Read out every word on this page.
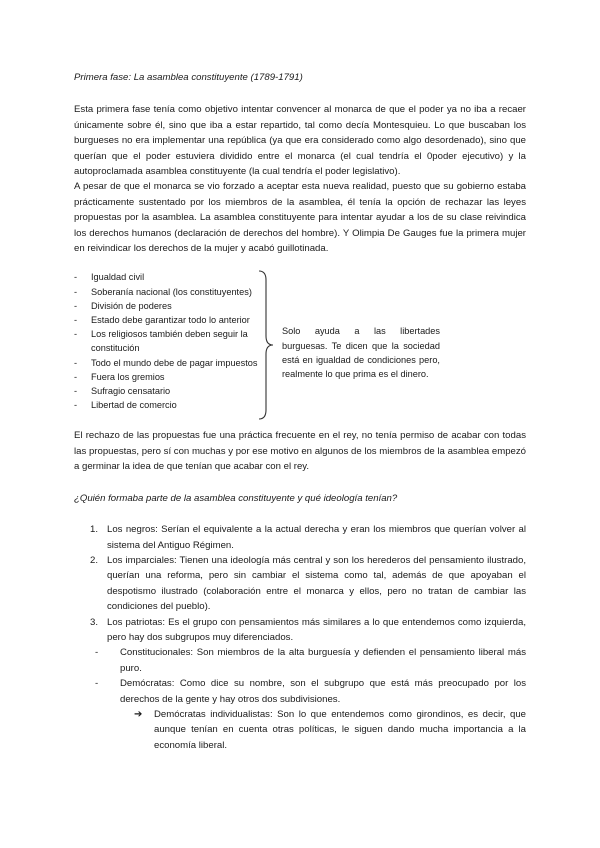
Primera fase: La asamblea constituyente (1789-1791)

Esta primera fase tenía como objetivo intentar convencer al monarca de que el poder ya no iba a recaer únicamente sobre él, sino que iba a estar repartido, tal como decía Montesquieu. Lo que buscaban los burgueses no era implementar una república (ya que era considerado como algo desordenado), sino que querían que el poder estuviera dividido entre el monarca (el cual tendría el 0poder ejecutivo) y la autoproclamada asamblea constituyente (la cual tendría el poder legislativo).

A pesar de que el monarca se vio forzado a aceptar esta nueva realidad, puesto que su gobierno estaba prácticamente sustentado por los miembros de la asamblea, él tenía la opción de rechazar las leyes propuestas por la asamblea. La asamblea constituyente para intentar ayudar a los de su clase reivindica los derechos humanos (declaración de derechos del hombre). Y Olimpia De Gauges fue la primera mujer en reivindicar los derechos de la mujer y acabó guillotinada.

- Igualdad civil
- Soberanía nacional (los constituyentes)
- División de poderes
- Estado debe garantizar todo lo anterior
- Los religiosos también deben seguir la constitución
- Todo el mundo debe de pagar impuestos
- Fuera los gremios
- Sufragio censatario
- Libertad de comercio
Solo ayuda a las libertades burguesas. Te dicen que la sociedad está en igualdad de condiciones pero, realmente lo que prima es el dinero.

El rechazo de las propuestas fue una práctica frecuente en el rey, no tenía permiso de acabar con todas las propuestas, pero sí con muchas y por ese motivo en algunos de los miembros de la asamblea empezó a germinar la idea de que tenían que acabar con el rey.

¿Quién formaba parte de la asamblea constituyente y qué ideología tenían?

1. Los negros: Serían el equivalente a la actual derecha y eran los miembros que querían volver al sistema del Antiguo Régimen.
2. Los imparciales: Tienen una ideología más central y son los herederos del pensamiento ilustrado, querían una reforma, pero sin cambiar el sistema como tal, además de que apoyaban el despotismo ilustrado (colaboración entre el monarca y ellos, pero no tratan de cambiar las condiciones del pueblo).
3. Los patriotas: Es el grupo con pensamientos más similares a lo que entendemos como izquierda, pero hay dos subgrupos muy diferenciados.
- Constitucionales: Son miembros de la alta burguesía y defienden el pensamiento liberal más puro.
- Demócratas: Como dice su nombre, son el subgrupo que está más preocupado por los derechos de la gente y hay otros dos subdivisiones.
➔ Demócratas individualistas: Son lo que entendemos como girondinos, es decir, que aunque tenían en cuenta otras políticas, le siguen dando mucha importancia a la economía liberal.
